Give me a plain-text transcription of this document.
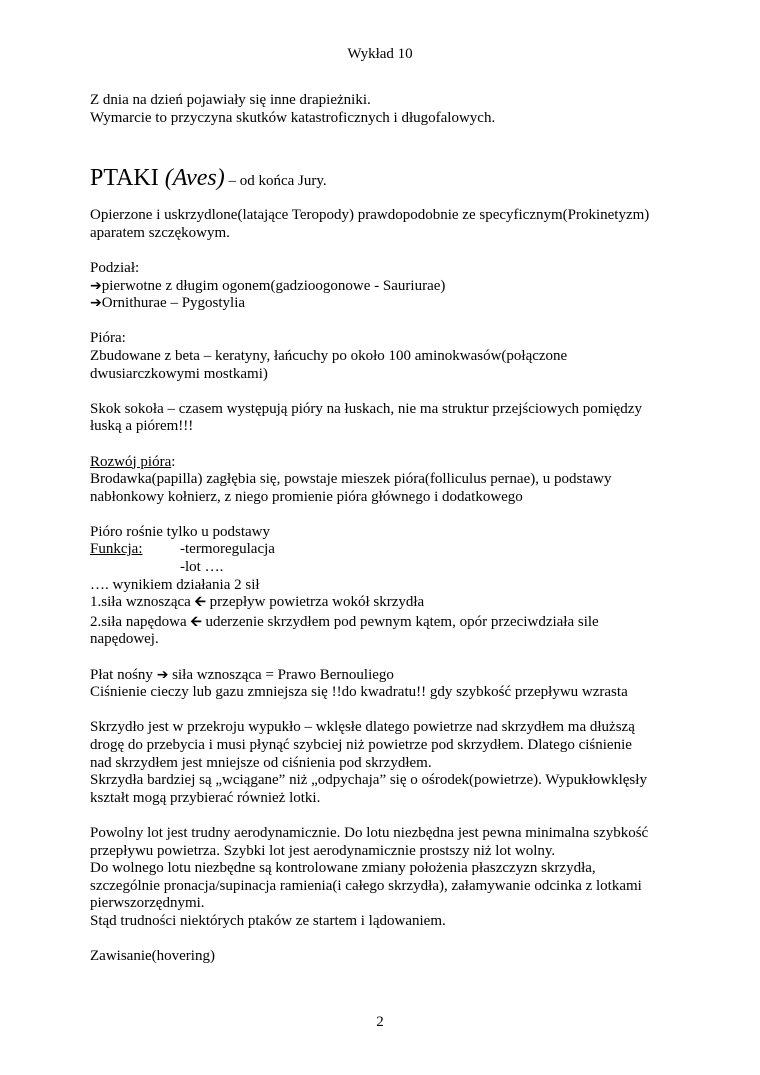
Wykład 10

Z dnia na dzień pojawiały się inne drapieżniki.

Wymarcie to przyczyna skutków katastroficznych i długofalowych.

PTAKI (Aves) – od końca Jury.

Opierzone i uskrzydlone(latające Teropody) prawdopodobnie ze specyficznym(Prokinetyzm)

aparatem szczękowym.

Podział:

➔pierwotne z długim ogonem(gadzioogonowe - Sauriurae)

➔Ornithurae – Pygostylia

Pióra:

Zbudowane z beta – keratyny, łańcuchy po około 100 aminokwasów(połączone

dwusiarczkowymi mostkami)

Skok sokoła – czasem występują pióry na łuskach, nie ma struktur przejściowych pomiędzy

łuską a piórem!!!

Rozwój pióra:

Brodawka(papilla) zagłębia się, powstaje mieszek pióra(folliculus pernae), u podstawy

nabłonkowy kołnierz, z niego promienie pióra głównego i dodatkowego

Pióro rośnie tylko u podstawy

Funkcja:	-termoregulacja
-lot ….

…. wynikiem działania 2 sił

1.siła wznosząca 🡨 przepływ powietrza wokół skrzydła

2.siła napędowa 🡨 uderzenie skrzydłem pod pewnym kątem, opór przeciwdziała sile

napędowej.

Płat nośny ➔ siła wznosząca = Prawo Bernouliego

Ciśnienie cieczy lub gazu zmniejsza się !!do kwadratu!! gdy szybkość przepływu wzrasta

Skrzydło jest w przekroju wypukło – wklęsłe dlatego powietrze nad skrzydłem ma dłuższą

drogę do przebycia i musi płynąć szybciej niż powietrze pod skrzydłem. Dlatego ciśnienie

nad skrzydłem jest mniejsze od ciśnienia pod skrzydłem.

Skrzydła bardziej są „wciągane” niż „odpychaja” się o ośrodek(powietrze). Wypukłowklęsły

kształt mogą przybierać również lotki.

Powolny lot jest trudny aerodynamicznie. Do lotu niezbędna jest pewna minimalna szybkość

przepływu powietrza. Szybki lot jest aerodynamicznie prostszy niż lot wolny.

Do wolnego lotu niezbędne są kontrolowane zmiany położenia płaszczyzn skrzydła,

szczególnie pronacja/supinacja ramienia(i całego skrzydła), załamywanie odcinka z lotkami

pierwszorzędnymi.

Stąd trudności niektórych ptaków ze startem i lądowaniem.

Zawisanie(hovering)

2
